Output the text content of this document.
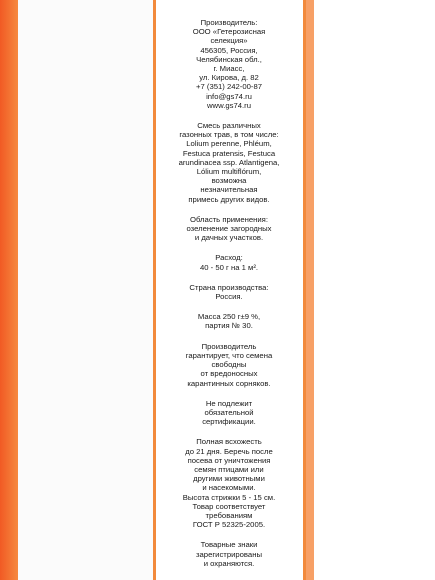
Производитель:
ООО «Гетерозисная
селекция»
456305, Россия,
Челябинская обл.,
г. Миасс,
ул. Кирова, д. 82
+7 (351) 242-00-87
info@gs74.ru
www.gs74.ru
Смесь различных
газонных трав, в том числе:
Lolium perenne, Phléum,
Festuca pratensis, Festuca
arundinacea ssp. Atlantigena,
Lólium multiflórum,
возможна
незначительная
примесь других видов.
Область применения:
озеленение загородных
и дачных участков.
Расход:
40 - 50 г на 1 м².
Страна производства:
Россия.
Масса 250 г±9 %,
партия № 30.
Производитель
гарантирует, что семена
свободны
от вредоносных
карантинных сорняков.
Не подлежит
обязательной
сертификации.
Полная всхожесть
до 21 дня. Беречь после
посева от уничтожения
семян птицами или
другими животными
и насекомыми.
Высота стрижки 5 - 15 см.
Товар соответствует
требованиям
ГОСТ Р 52325-2005.
Товарные знаки
зарегистрированы
и охраняются.
